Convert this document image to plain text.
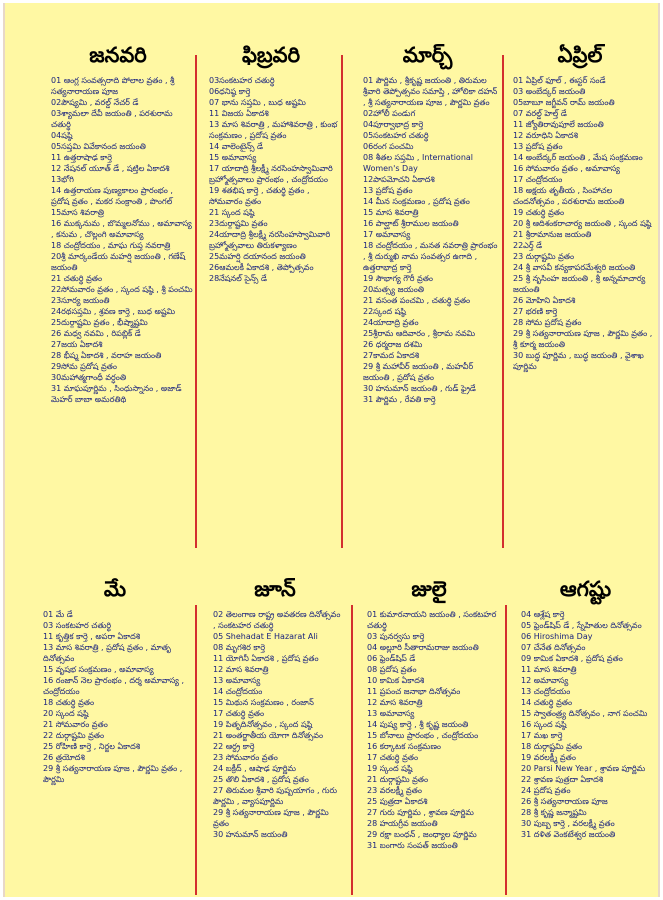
జనవరి
01 ఆంగ్ల సంవత్సరాది పోలాల వ్రతం , శ్రీ సత్యనారాయణ పూజ
02పౌష్యమి , వరల్డ్ నేచర్ డే
03శ్యామలా దేవీ జయంతి , పరశురామ చతుర్థి
04షష్ఠి
05సప్తమి వివేకానంద జయంతి
11 ఉత్తరాషాఢ కార్తె
12 నేషనల్ యూత్ డే , షట్తిల ఏకాదశి
13భోగి
14 ఉత్తరాయణ పుణ్యకాలం ప్రారంభం , ప్రదోష వ్రతం , మకర సంక్రాంతి , పొంగల్
15మాస శివరాత్రి
16 ముక్కనుమ , బొమ్మలనోము , అమావాస్య , కనుమ , చొల్లంగి అమావాస్య
18 చంద్రోదయం , మాఘ గుప్త నవరాత్రి
20శ్రీ మార్కండేయ మహర్షి జయంతి , గణేష్ జయంతి
21 చతుర్థి వ్రతం
22సోమవారం వ్రతం , స్కంద షష్ఠి , శ్రీ పంచమి
23సూర్య జయంతి
24రథసప్తమి , శ్రవణ కార్తె , బుధ అష్టమి
25దుర్గాష్టమి వ్రతం , భీష్మాష్టమి
26 మధ్వ నవమి , రిపబ్లిక్ డే
27జయ ఏకాదశి
28 భీష్మ ఏకాదశి , వరాహ జయంతి
29సోమ ప్రదోష వ్రతం
30మహాత్మగాంధీ వర్ధంతి
31 మాఘపూర్ణిమ , సింధుస్నానం , అజాడ్ మెహర్ బాబా అమరతిథి
ఫిబ్రవరి
03సంకటహర చతుర్థి
06ధనిష్ఠ కార్తె
07 భాను సప్తమి , బుధ అష్టమి
11 విజయ ఏకాదశి
13 మాస శివరాత్రి , మహాశివరాత్రి , కుంభ సంక్రమణం , ప్రదోష వ్రతం
14 వాలెంటైన్స్ డే
15 అమావాస్య
17 యాదాద్రి శ్రీలక్ష్మీ నరసింహస్వామివారి బ్రహ్మోత్సవాలు ప్రారంభం , చంద్రోదయం
19 శతభిష కార్తె , చతుర్థి వ్రతం , సోమవారం వ్రతం
21 స్కంద షష్ఠి
23దుర్గాష్టమి వ్రతం
24యాదాద్రి శ్రీలక్ష్మీ నరసింహస్వామివారి బ్రహ్మోత్సవాలు తిరుకళ్యాణం
25మహర్షి దయానంద జయంతి
26ఆమలకీ ఏకాదశి , తెప్పోత్సవం
28నేషనల్ సైన్స్ డే
మార్చ్
01 పౌర్ణిమ , శ్రీకృష్ణ జయంతి , తిరుమల శ్రీవారి తెప్పోత్సవం సమాప్తి , హోలికా దహన్ , శ్రీ సత్యనారాయణ పూజ , పౌర్ణమి వ్రతం
02హోలీ పండుగ
04పూర్వాభాద్ర కార్తె
05సంకటహర చతుర్థి
06రంగ పంచమి
08 శీతల సప్తమి , International Women's Day
12పాపమోచని ఏకాదశి
13 ప్రదోష వ్రతం
14 మీన సంక్రమణం , ప్రదోష వ్రతం
15 మాస శివరాత్రి
16 పాల్ఘాట్ శ్రీరాముల జయంతి
17 అమావాస్య
18 చంద్రోదయం , మనత నవరాత్రి ప్రారంభం , శ్రీ దుర్ముఖి నామ సంవత్సర ఉగాది , ఉత్తరాభాద్ర కార్తె
19 సౌభాగ్య గౌరీ వ్రతం
20మత్స్య జయంతి
21 వసంత పంచమి , చతుర్థి వ్రతం
22స్కంద షష్ఠి
24యాదాద్రి వ్రతం
25శ్రీరామ ఆదివారం , శ్రీరామ నవమి
26 ధర్మరాజ దశమి
27కామద ఏకాదశి
29 శ్రీ మహావీర్ జయంతి , మహవీర్ జయంతి , ప్రదోష వ్రతం
30 హనుమాన్ జయంతి , గుడ్ ఫ్రైడే
31 పౌర్ణిమ , రేవతి కార్తె
ఏప్రిల్
01 ఏప్రిల్ ఫూల్ , ఈస్టర్ సండే
03 అంబేద్కర్ జయంతి
05బాబూ జగ్జీవన్ రామ్ జయంతి
07 వరల్డ్ హెల్త్ డే
11 జ్యోతిరావుపూలే జయంతి
12 వరూధిని ఏకాదశి
13 ప్రదోష వ్రతం
14 అంబేద్కర్ జయంతి , మేష సంక్రమణం
16 సోమవారం వ్రతం , అమావాస్య
17 చంద్రోదయం
18 అక్షయ తృతీయ , సింహాచల చందనోత్సవం , పరశురామ జయంతి
19 చతుర్థి వ్రతం
20 శ్రీ ఆదిశంకరాచార్య జయంతి , స్కంద షష్ఠి
21 శ్రీరామానుజ జయంతి
22ఎర్త్ డే
23 దుర్గాష్టమి వ్రతం
24 శ్రీ వాసవీ కన్యకాపరమేశ్వరి జయంతి
25 శ్రీ నృసింహ జయంతి , శ్రీ అన్నమాచార్య జయంతి
26 మోహిని ఏకాదశి
27 భరణి కార్తె
28 సోమ ప్రదోష వ్రతం
29 శ్రీ సత్యనారాయణ పూజ , పౌర్ణమి వ్రతం , శ్రీ కూర్మ జయంతి
30 బుద్ధ పూర్ణిమ , బుద్ధ జయంతి , వైశాఖ పూర్ణిమ
మే
01 మే డే
03 సంకటహర చతుర్థి
11 కృత్తిక కార్తె , అపరా ఏకాదశి
13 మాస శివరాత్రి , ప్రదోష వ్రతం , మాతృ దినోత్సవం
15 వృషభ సంక్రమణం , అమావాస్య
16 రంజాన్ నెల ప్రారంభం , దర్శ అమావాస్య , చంద్రోదయం
18 చతుర్థి వ్రతం
20 స్కంద షష్ఠి
21 సోమవారం వ్రతం
22 దుర్గాష్టమి వ్రతం
25 రోహిణి కార్తె , నిర్జల ఏకాదశి
26 త్రయోదశి
29 శ్రీ సత్యనారాయణ పూజ , పౌర్ణమి వ్రతం , పౌర్ణమి
జూన్
02 తెలంగాణ రాష్ట్ర అవతరణ దినోత్సవం , సంకటహర చతుర్థి
05 Shehadat E Hazarat Ali
08 మృగశిర కార్తె
11 యోగినీ ఏకాదశి , ప్రదోష వ్రతం
12 మాస శివరాత్రి
13 అమావాస్య
14 చంద్రోదయం
15 మిథున సంక్రమణం , రంజాన్
17 చతుర్థి వ్రతం
19 పితృదినోత్సవం , స్కంద షష్ఠి
21 అంతర్జాతీయ యోగా దినోత్సవం
22 ఆర్ద్ర కార్తె
23 సోమవారం వ్రతం
24 బక్రీద్ , ఆషాఢ పూర్ణిమ
25 తొలి ఏకాదశి , ప్రదోష వ్రతం
27 తిరుమల శ్రీవారి పుష్పయాగం , గురు పౌర్ణమి , వ్యాసపూర్ణిమ
29 శ్రీ సత్యనారాయణ పూజ , పౌర్ణమి వ్రతం
30 హనుమాన్ జయంతి
జులై
01 కుమారనాయని జయంతి , సంకటహర చతుర్థి
03 పునర్వసు కార్తె
04 అల్లూరి సీతారామరాజు జయంతి
06 ఫ్రెండ్‌షిప్ డే
08 ప్రదోష వ్రతం
10 కామిక ఏకాదశి
11 ప్రపంచ జనాభా దినోత్సవం
12 మాస శివరాత్రి
13 అమావాస్య
14 పుష్య కార్తె , శ్రీ కృష్ణ జయంతి
15 బోనాలు ప్రారంభం , చంద్రోదయం
16 కర్కాటక సంక్రమణం
17 చతుర్థి వ్రతం
19 స్కంద షష్ఠి
21 దుర్గాష్టమి వ్రతం
23 వరలక్ష్మీ వ్రతం
25 పుత్రదా ఏకాదశి
27 గురు పూర్ణిమ , శ్రావణ పూర్ణిమ
28 హయగ్రీవ జయంతి
29 రక్షా బంధన్ , జంధ్యాల పూర్ణిమ
31 బంగారు సంపత్ జయంతి
ఆగష్టు
04 ఆశ్లేష కార్తె
05 ఫ్రెండ్‌షిప్ డే , స్నేహితుల దినోత్సవం
06 Hiroshima Day
07 చేనేత దినోత్సవం
09 కామిక ఏకాదశి , ప్రదోష వ్రతం
11 మాస శివరాత్రి
12 అమావాస్య
13 చంద్రోదయం
14 చతుర్థి వ్రతం
15 స్వాతంత్ర్య దినోత్సవం , నాగ పంచమి
16 స్కంద షష్ఠి
17 మఖ కార్తె
18 దుర్గాష్టమి వ్రతం
19 వరలక్ష్మీ వ్రతం
20 Parsi New Year , శ్రావణ పూర్ణిమ
22 శ్రావణ పుత్రదా ఏకాదశి
24 ప్రదోష వ్రతం
26 శ్రీ సత్యనారాయణ పూజ
28 శ్రీ కృష్ణ జన్మాష్టమి
30 పుబ్బ కార్తె , వరలక్ష్మీ వ్రతం
31 దళిత వెంకటేశ్వర జయంతి
